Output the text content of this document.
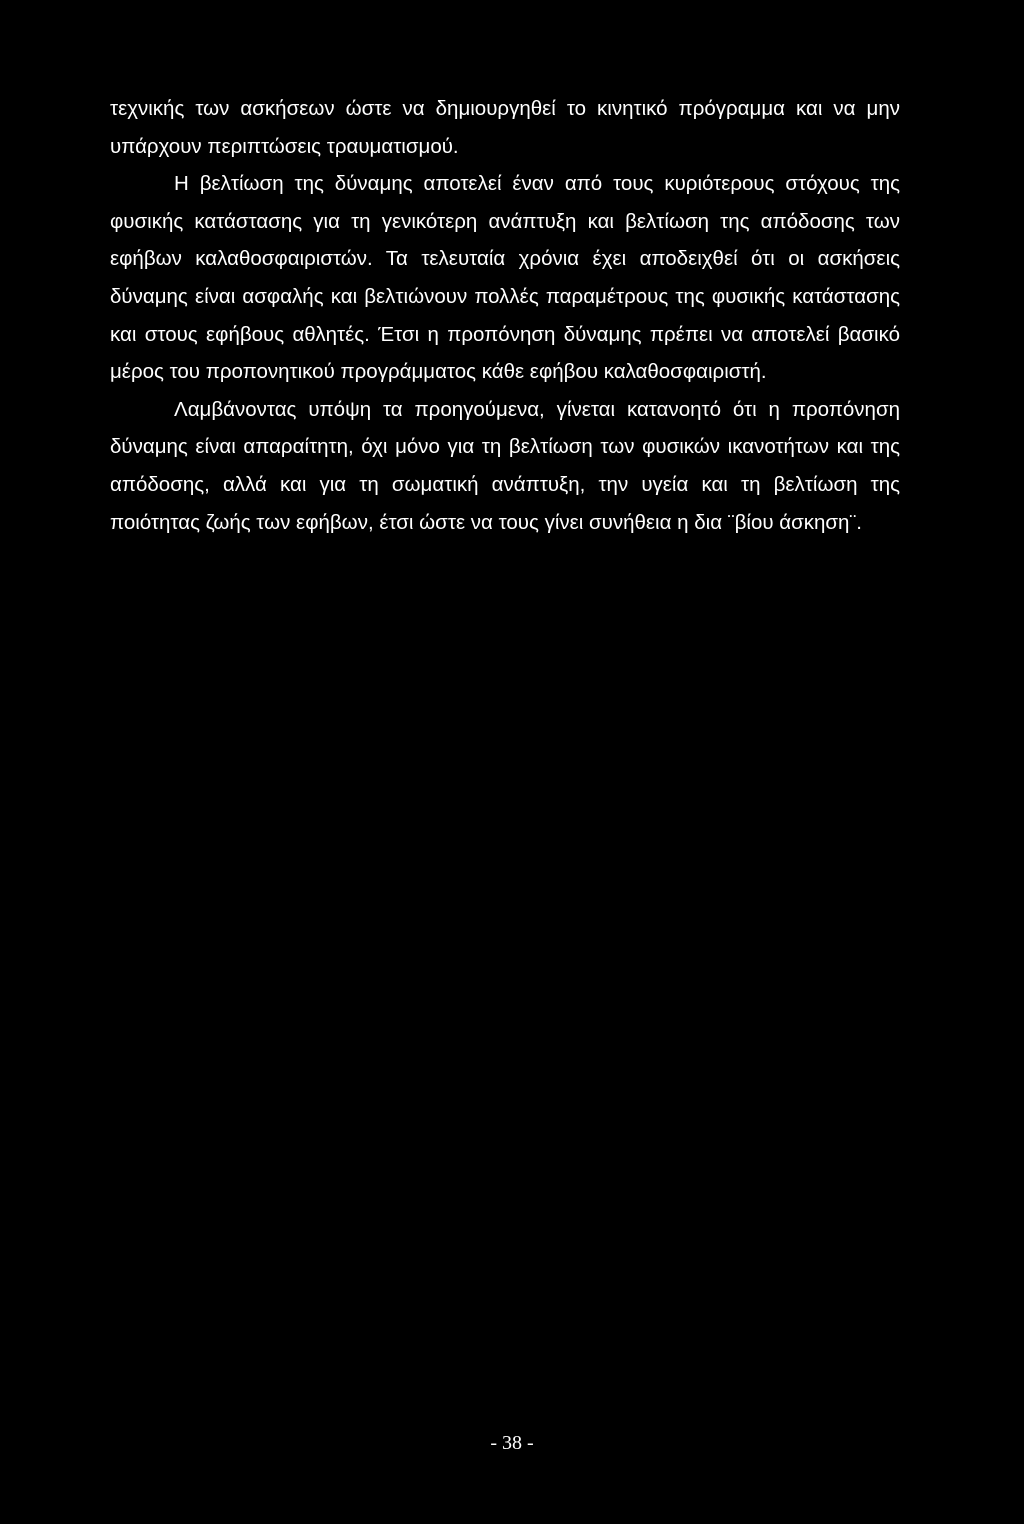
τεχνικής των ασκήσεων ώστε να δημιουργηθεί το κινητικό πρόγραμμα και να μην υπάρχουν περιπτώσεις τραυματισμού.

Η βελτίωση της δύναμης αποτελεί έναν από τους κυριότερους στόχους της φυσικής κατάστασης για τη γενικότερη ανάπτυξη και βελτίωση της απόδοσης των εφήβων καλαθοσφαιριστών. Τα τελευταία χρόνια έχει αποδειχθεί ότι οι ασκήσεις δύναμης είναι ασφαλής και βελτιώνουν πολλές παραμέτρους της φυσικής κατάστασης και στους εφήβους αθλητές. Έτσι η προπόνηση δύναμης πρέπει να αποτελεί βασικό μέρος του προπονητικού προγράμματος κάθε εφήβου καλαθοσφαιριστή.

Λαμβάνοντας υπόψη τα προηγούμενα, γίνεται κατανοητό ότι η προπόνηση δύναμης είναι απαραίτητη, όχι μόνο για τη βελτίωση των φυσικών ικανοτήτων και της απόδοσης, αλλά και για τη σωματική ανάπτυξη, την υγεία και τη βελτίωση της ποιότητας ζωής των εφήβων, έτσι ώστε να τους γίνει συνήθεια η δια ¨βίου άσκηση¨.

- 38 -
